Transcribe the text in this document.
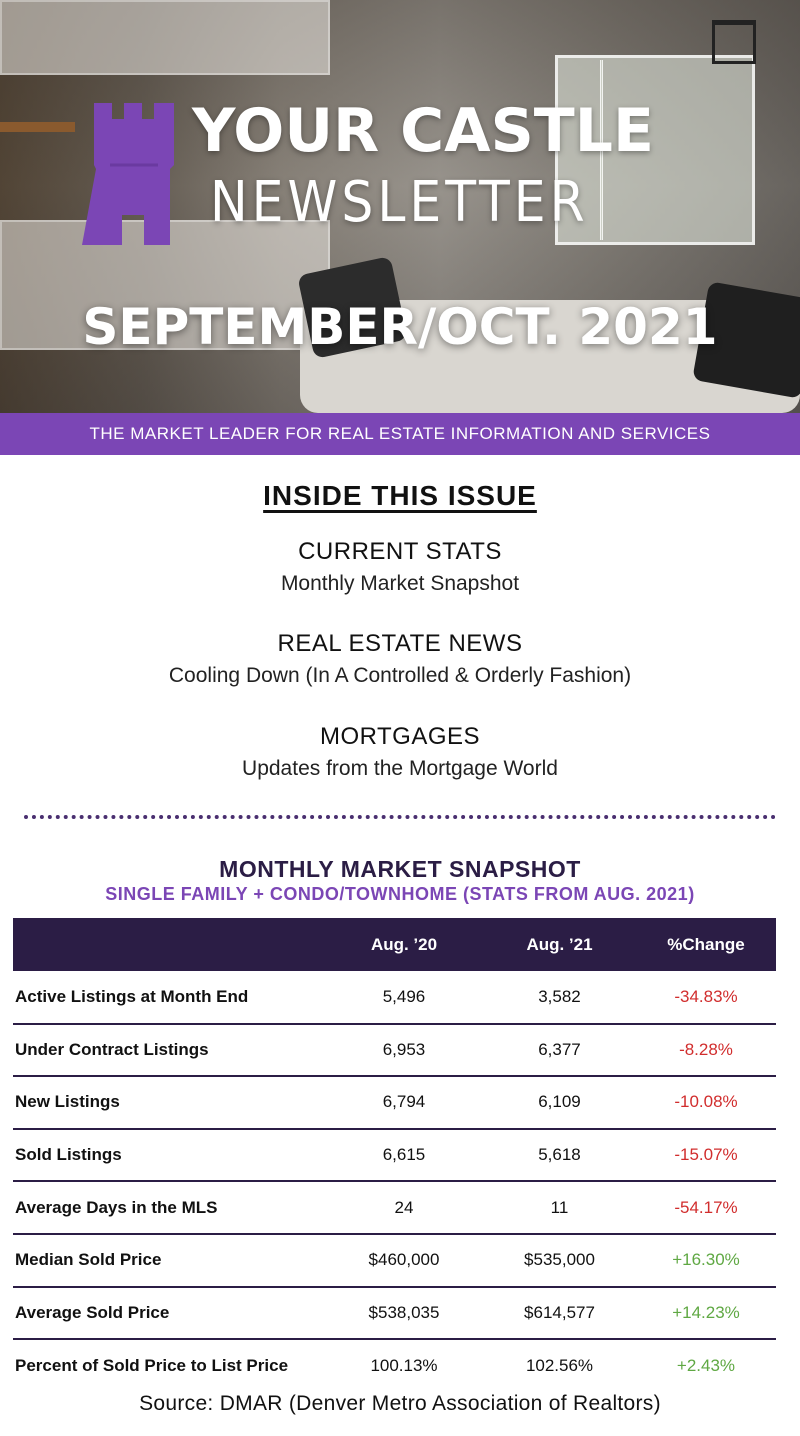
YOUR CASTLE
NEWSLETTER
SEPTEMBER/OCT. 2021
THE MARKET LEADER FOR REAL ESTATE INFORMATION AND SERVICES
INSIDE THIS ISSUE
CURRENT STATS
Monthly Market Snapshot
REAL ESTATE NEWS
Cooling Down (In A Controlled & Orderly Fashion)
MORTGAGES
Updates from the Mortgage World
MONTHLY MARKET SNAPSHOT
SINGLE FAMILY + CONDO/TOWNHOME (STATS FROM AUG. 2021)
	Aug. ’20	Aug. ’21	%Change
Active Listings at Month End	5,496	3,582	-34.83%
Under Contract Listings	6,953	6,377	-8.28%
New Listings	6,794	6,109	-10.08%
Sold Listings	6,615	5,618	-15.07%
Average Days in the MLS	24	11	-54.17%
Median Sold Price	$460,000	$535,000	+16.30%
Average Sold Price	$538,035	$614,577	+14.23%
Percent of Sold Price to List Price	100.13%	102.56%	+2.43%
Source: DMAR (Denver Metro Association of Realtors)
